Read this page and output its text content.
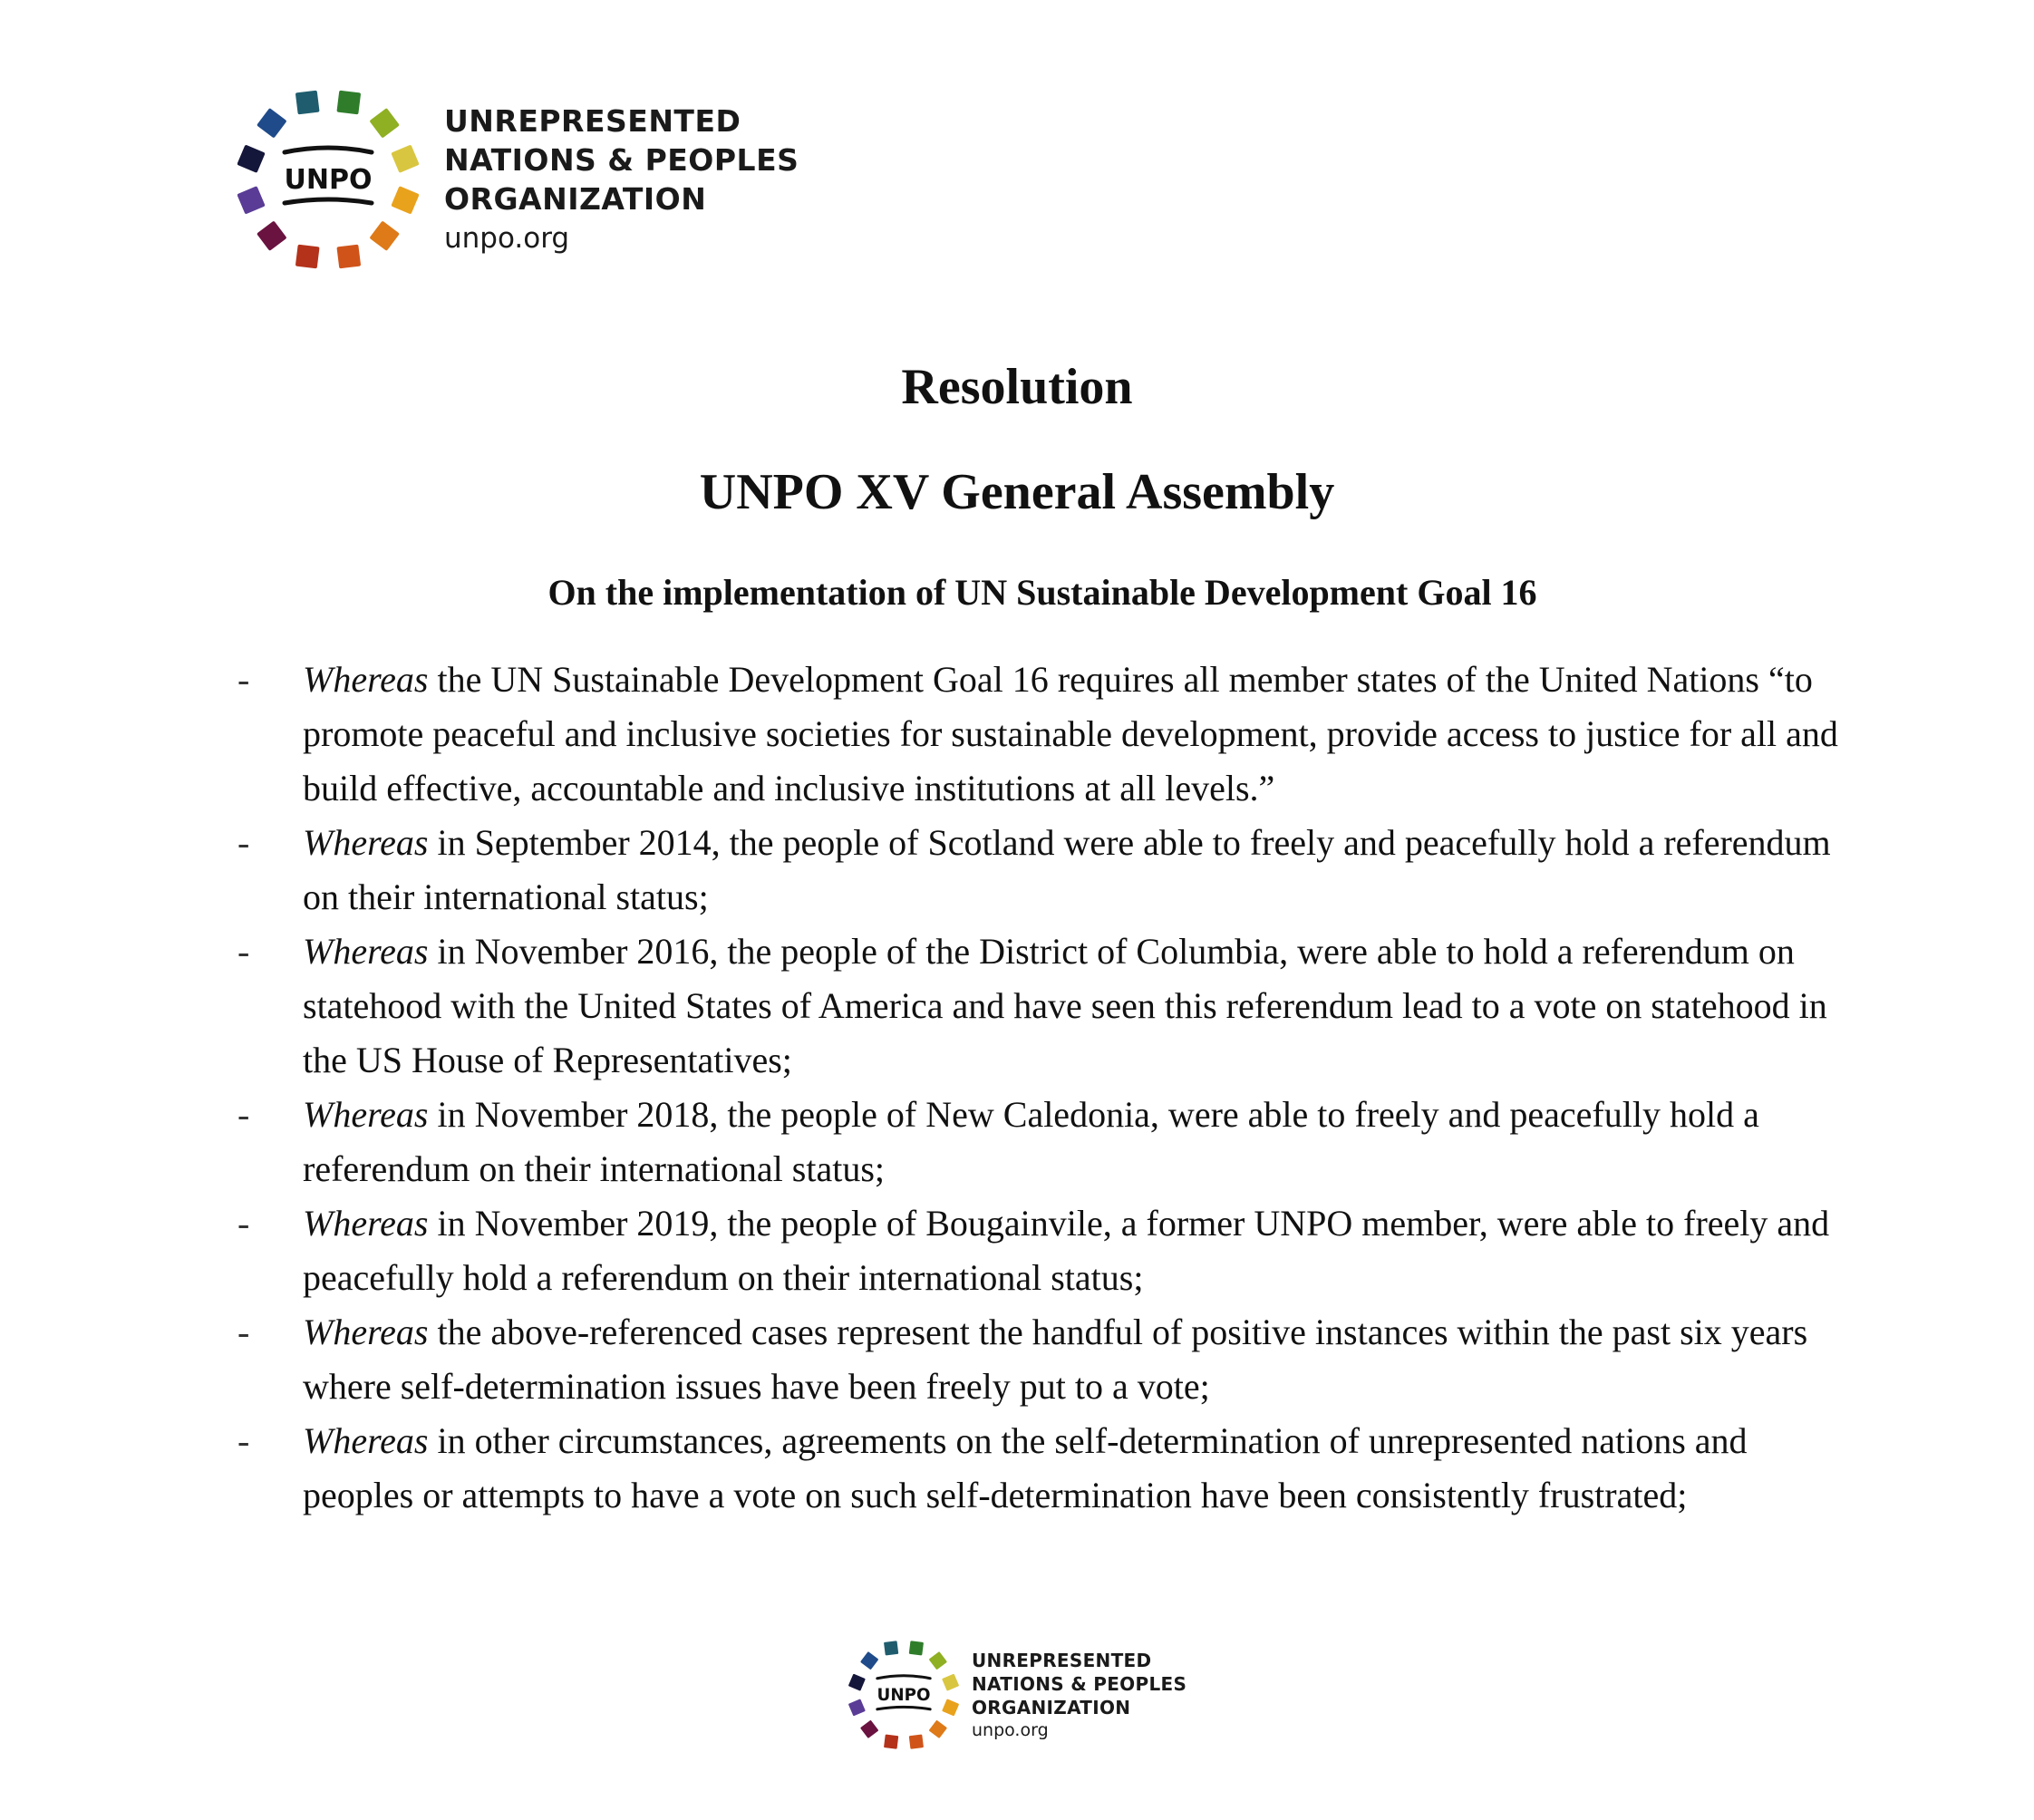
UNPO
UNREPRESENTED
NATIONS & PEOPLES
ORGANIZATION
unpo.org
Resolution
UNPO XV General Assembly
On the implementation of UN Sustainable Development Goal 16
-	Whereas the UN Sustainable Development Goal 16 requires all member states of the United Nations “to promote peaceful and inclusive societies for sustainable development, provide access to justice for all and build effective, accountable and inclusive institutions at all levels.”
-	Whereas in September 2014, the people of Scotland were able to freely and peacefully hold a referendum on their international status;
-	Whereas in November 2016, the people of the District of Columbia, were able to hold a referendum on statehood with the United States of America and have seen this referendum lead to a vote on statehood in the US House of Representatives;
-	Whereas in November 2018, the people of New Caledonia, were able to freely and peacefully hold a referendum on their international status;
-	Whereas in November 2019, the people of Bougainvile, a former UNPO member, were able to freely and peacefully hold a referendum on their international status;
-	Whereas the above-referenced cases represent the handful of positive instances within the past six years where self-determination issues have been freely put to a vote;
-	Whereas in other circumstances, agreements on the self-determination of unrepresented nations and peoples or attempts to have a vote on such self-determination have been consistently frustrated;
UNPO
UNREPRESENTED
NATIONS & PEOPLES
ORGANIZATION
unpo.org
